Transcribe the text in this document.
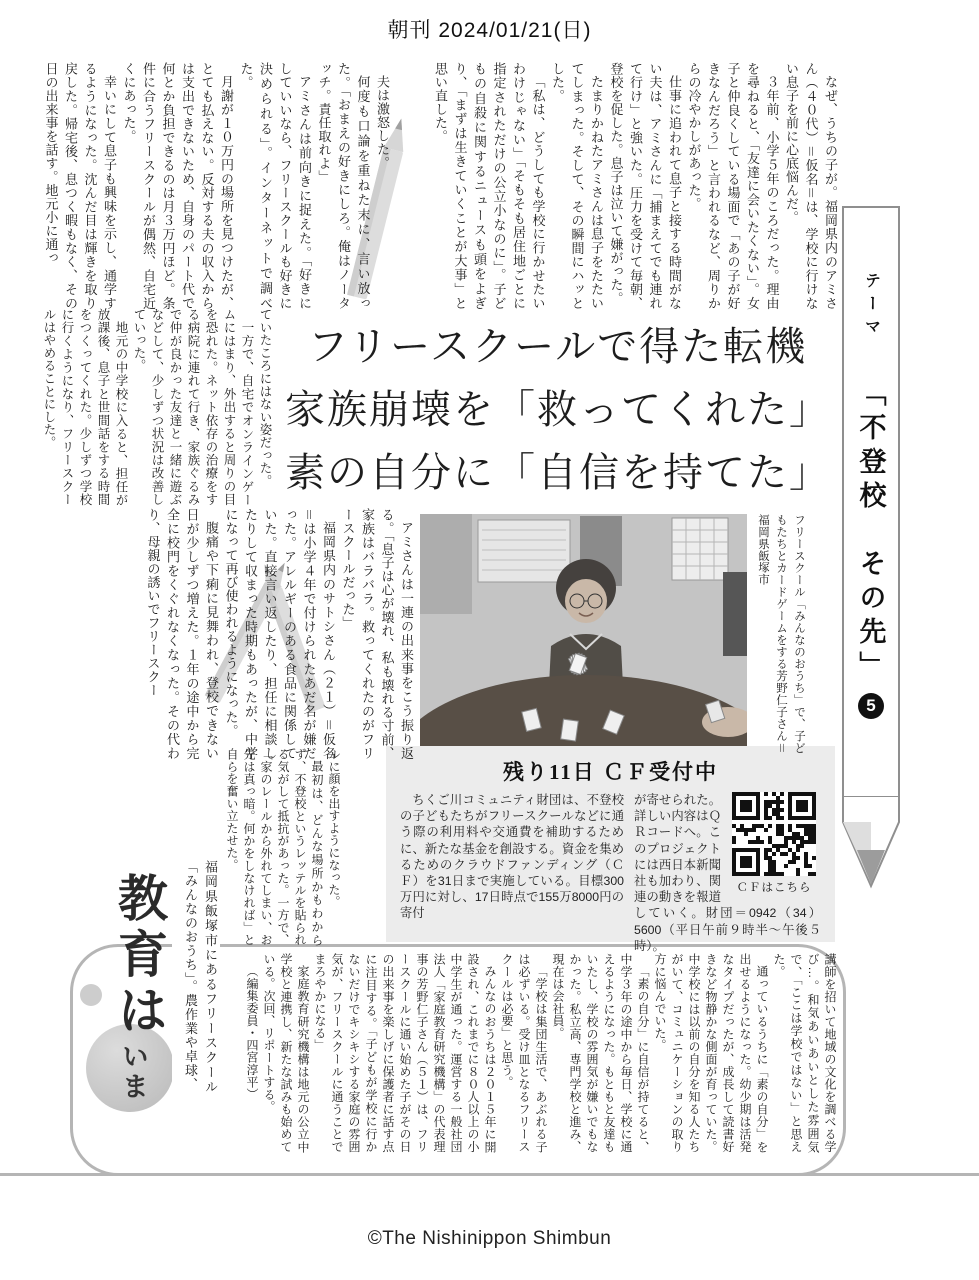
朝刊 2024/01/21(日)

なぜ、うちの子が。福岡県内のアミさん（４０代）＝仮名＝は、学校に行けない息子を前に心底悩んだ。

３年前、小学５年のころだった。理由を尋ねると、「友達に会いたくない」。女子と仲良くしている場面で「あの子が好きなんだろう」と言われるなど、周りからの冷やかしがあった。

仕事に追われて息子と接する時間がない夫は、アミさんに「捕まえてでも連れて行け」と強いた。圧力を受けて毎朝、登校を促した。息子は泣いて嫌がった。

たまりかねたアミさんは息子をたたいてしまった。そして、その瞬間にハッとした。

「私は、どうしても学校に行かせたいわけじゃない」「そもそも居住地ごとに指定されただけの公立小なのに」。子どもの自殺に関するニュースも頭をよぎり、「まずは生きていくことが大事」と思い直した。

夫は激怒した。

何度も口論を重ねた末に、言い放った。「おまえの好きにしろ。俺はノータッチ。責任取れよ」

アミさんは前向きに捉えた。「好きにしていいなら、フリースクールも好きに決められる」。インターネットで調べた。

月謝が１０万円の場所を見つけたが、とても払えない。反対する夫の収入からは支出できないため、自身のパート代で何とか負担できるのは月３万円ほど。条件に合うフリースクールが偶然、自宅近くにあった。

幸いにして息子も興味を示し、通学するようになった。沈んだ目は輝きを取り戻した。帰宅後、息つく暇もなく、その日の出来事を話す。地元小に通っ

ていたころにはない姿だった。

一方で、自宅でオンラインゲームにはまり、外出すると周りの目を恐れた。ネット依存の治療をする病院に連れて行き、家族ぐるみで仲が良かった友達と一緒に遊ぶなどして、少しずつ状況は改善していった。

地元の中学校に入ると、担任が放課後、息子と世間話をする時間をつくってくれた。少しずつ学校に行くようになり、フリースクールはやめることにした。	フリースクールで得た転機
家族崩壊を「救ってくれた」
素の自分に「自信を持てた」

フリースクール「みんなのおうち」で、子どもたちとカードゲームをする芳野仁子さん＝福岡県飯塚市

アミさんは一連の出来事をこう振り返る。「息子は心が壊れ、私も壊れる寸前、家族はバラバラ。救ってくれたのがフリースクールだった」

福岡県内のサトシさん（２１）＝仮名＝は小学４年で付けられたあだ名が嫌だった。アレルギーのある食品に関係していた。直接言い返したり、担任に相談したりして収まった時期もあったが、中学になって再び使われるようになった。

腹痛や下痢に見舞われ、登校できない日が少しずつ増えた。１年の途中から完全に校門をくぐれなくなった。その代わり、母親の誘いでフリースクー

残り11日 ＣＦ受付中

ちくご川コミュニティ財団は、不登校の子どもたちがフリースクールなどに通う際の利用料や交通費を補助するために、新たな基金を創設する。資金を集めるためのクラウドファンディング（ＣＦ）を31日まで実施している。目標300万円に対し、17日時点で155万8000円の寄付

ＣＦはこちら

が寄せられた。詳しい内容はＱＲコードへ。このプロジェクトには西日本新聞社も加わり、関連の動きを報道していく。財団＝0942（34）5600（平日午前９時半～午後５時）。

ルに顔を出すようになった。

最初は、どんな場所かもわからず、不登校というレッテルを貼られる気がして抵抗があった。一方で、「家のレールから外れてしまい、お先は真っ暗。何かをしなければ」と自らを奮い立たせた。

福岡県飯塚市にあるフリースクール「みんなのおうち」。農作業や卓球、	講師を招いて地域の文化を調べる学び…。和気あいあいとした雰囲気で、「ここは学校ではない」と思えた。

通っているうちに「素の自分」を出せるようになった。幼少期は活発なタイプだったが、成長して読書好きなど物静かな側面が育っていた。中学校には以前の自分を知る人たちがいて、コミュニケーションの取り方に悩んでいた。

「素の自分」に自信が持てると、中学３年の途中から毎日、学校に通えるようになった。もともと友達もいたし、学校の雰囲気が嫌いでもなかった。私立高、専門学校と進み、現在は会社員。

「学校は集団生活で、あぶれる子は必ずいる。受け皿となるフリースクールは必要」と思う。

みんなのおうちは２０１５年に開設され、これまでに８０人以上の小中学生が通った。運営する一般社団法人「家庭教育研究機構」の代表理事の芳野仁子さん（５１）は、フリースクールに通い始めた子がその日の出来事を楽しげに保護者に話す点に注目する。「子どもが学校に行かないだけでキシキシする家庭の雰囲気が、フリースクールに通うことでまろやかになる」

家庭教育研究機構は地元の公立中学校と連携し、新たな試みも始めている。次回、リポートする。

（編集委員・四宮淳平）

教育は
いま
テーマ
「不登校　その先」
5
©The Nishinippon Shimbun
